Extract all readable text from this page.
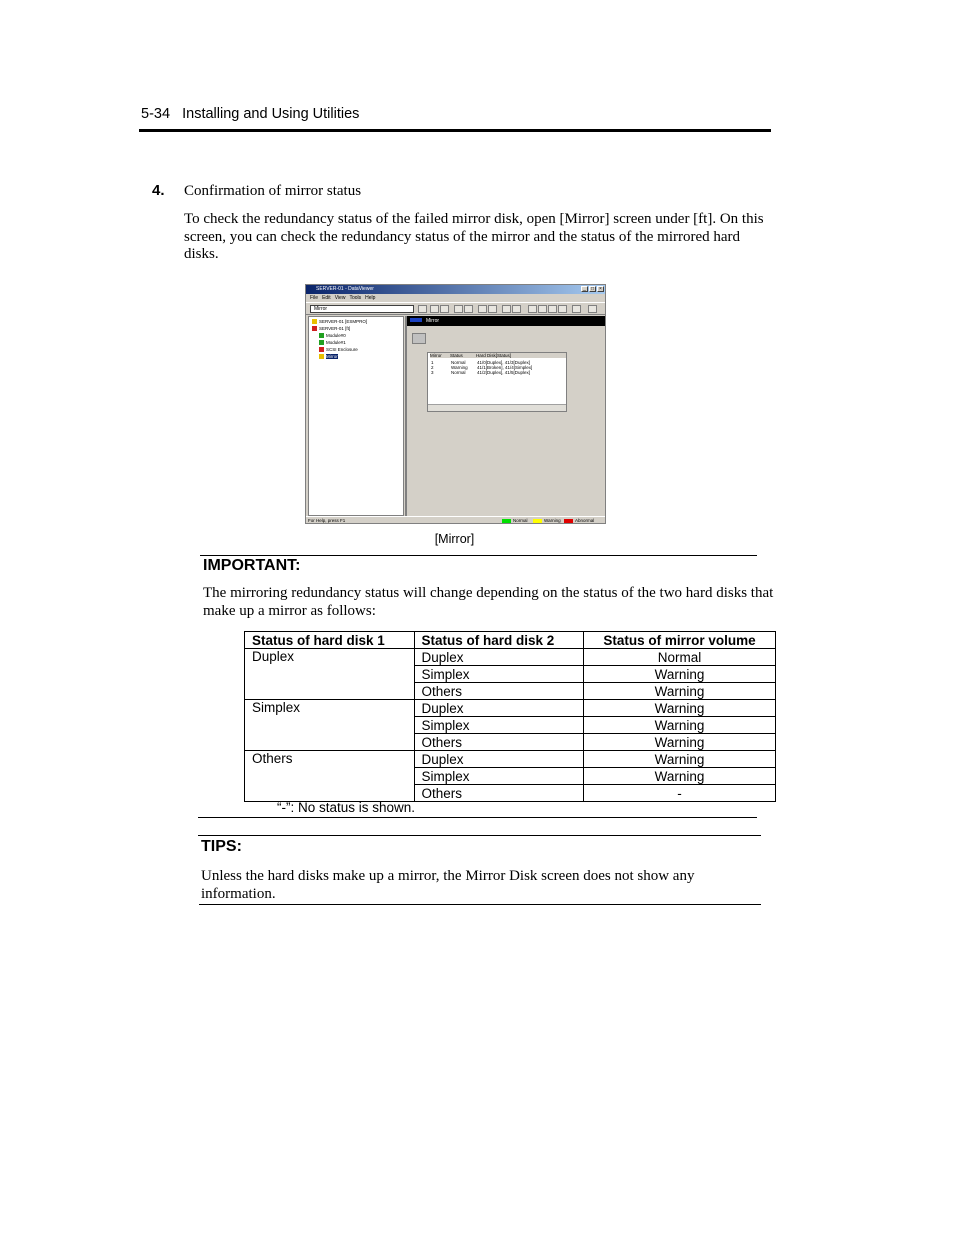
5-34   Installing and Using Utilities
4. Confirmation of mirror status
To check the redundancy status of the failed mirror disk, open [Mirror] screen under [ft]. On this screen, you can check the redundancy status of the mirror and the status of the mirrored hard disks.
SERVER-01 - DataViewer	_	□	×
File Edit View Tools Help
Mirror
SERVER-01 [ESMPRO]
SERVER-01 [ft]
Module#0
Module#1
SCSI Enclosure
Mirror
Mirror
Mirror	Status	Hard Disk[Status]
1	Normal	41/0[Duplex], 41/3[Duplex]
2	Warning 41/1[Broken], 41/4[Simplex]
3	Normal	41/2[Duplex], 41/5[Duplex]
For Help, press F1	Normal	Warning	Abnormal
[Mirror]
IMPORTANT:
The mirroring redundancy status will change depending on the status of the two hard disks that make up a mirror as follows:
Status of hard disk 1	Status of hard disk 2	Status of mirror volume
Duplex	Duplex	Normal
	Simplex	Warning
	Others	Warning
Simplex	Duplex	Warning
	Simplex	Warning
	Others	Warning
Others	Duplex	Warning
	Simplex	Warning
	Others	-
“-”: No status is shown.
TIPS:
Unless the hard disks make up a mirror, the Mirror Disk screen does not show any information.
